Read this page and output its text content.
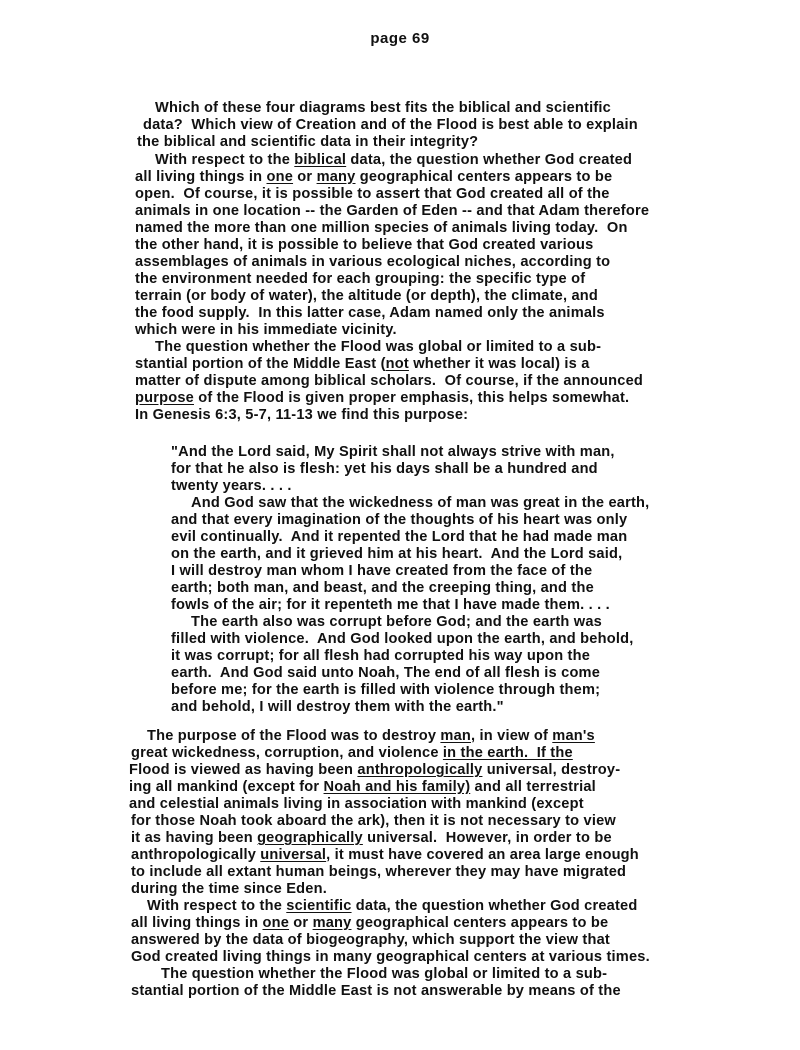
page 69
Which of these four diagrams best fits the biblical and scientific
data?  Which view of Creation and of the Flood is best able to explain
the biblical and scientific data in their integrity?
With respect to the biblical data, the question whether God created
all living things in one or many geographical centers appears to be
open.  Of course, it is possible to assert that God created all of the
animals in one location -- the Garden of Eden -- and that Adam therefore
named the more than one million species of animals living today.  On
the other hand, it is possible to believe that God created various
assemblages of animals in various ecological niches, according to
the environment needed for each grouping: the specific type of
terrain (or body of water), the altitude (or depth), the climate, and
the food supply.  In this latter case, Adam named only the animals
which were in his immediate vicinity.
The question whether the Flood was global or limited to a sub-
stantial portion of the Middle East (not whether it was local) is a
matter of dispute among biblical scholars.  Of course, if the announced
purpose of the Flood is given proper emphasis, this helps somewhat.
In Genesis 6:3, 5-7, 11-13 we find this purpose:
"And the Lord said, My Spirit shall not always strive with man,
for that he also is flesh: yet his days shall be a hundred and
twenty years. . . .
And God saw that the wickedness of man was great in the earth,
and that every imagination of the thoughts of his heart was only
evil continually.  And it repented the Lord that he had made man
on the earth, and it grieved him at his heart.  And the Lord said,
I will destroy man whom I have created from the face of the
earth; both man, and beast, and the creeping thing, and the
fowls of the air; for it repenteth me that I have made them. . . .
The earth also was corrupt before God; and the earth was
filled with violence.  And God looked upon the earth, and behold,
it was corrupt; for all flesh had corrupted his way upon the
earth.  And God said unto Noah, The end of all flesh is come
before me; for the earth is filled with violence through them;
and behold, I will destroy them with the earth."
The purpose of the Flood was to destroy man, in view of man's
great wickedness, corruption, and violence in the earth.  If the
Flood is viewed as having been anthropologically universal, destroy-
ing all mankind (except for Noah and his family) and all terrestrial
and celestial animals living in association with mankind (except
for those Noah took aboard the ark), then it is not necessary to view
it as having been geographically universal.  However, in order to be
anthropologically universal, it must have covered an area large enough
to include all extant human beings, wherever they may have migrated
during the time since Eden.
With respect to the scientific data, the question whether God created
all living things in one or many geographical centers appears to be
answered by the data of biogeography, which support the view that
God created living things in many geographical centers at various times.
The question whether the Flood was global or limited to a sub-
stantial portion of the Middle East is not answerable by means of the
